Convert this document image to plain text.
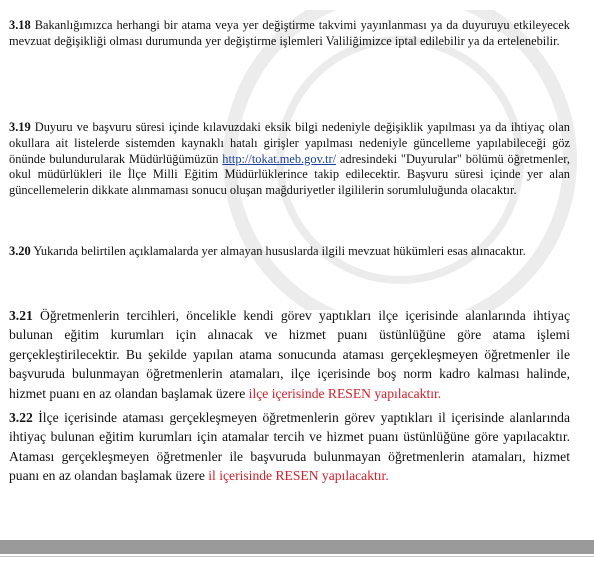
3.18 Bakanlığımızca herhangi bir atama veya yer değiştirme takvimi yayınlanması ya da duyuruyu etkileyecek mevzuat değişikliği olması durumunda yer değiştirme işlemleri Valiliğimizce iptal edilebilir ya da ertelenebilir.

3.19 Duyuru ve başvuru süresi içinde kılavuzdaki eksik bilgi nedeniyle değişiklik yapılması ya da ihtiyaç olan okullara ait listelerde sistemden kaynaklı hatalı girişler yapılması nedeniyle güncelleme yapılabileceği göz önünde bulundurularak Müdürlüğümüzün http://tokat.meb.gov.tr/ adresindeki "Duyurular" bölümü öğretmenler, okul müdürlükleri ile İlçe Milli Eğitim Müdürlüklerince takip edilecektir. Başvuru süresi içinde yer alan güncellemelerin dikkate alınmaması sonucu oluşan mağduriyetler ilgililerin sorumluluğunda olacaktır.

3.20 Yukarıda belirtilen açıklamalarda yer almayan hususlarda ilgili mevzuat hükümleri esas alınacaktır.

3.21 Öğretmenlerin tercihleri, öncelikle kendi görev yaptıkları ilçe içerisinde alanlarında ihtiyaç bulunan eğitim kurumları için alınacak ve hizmet puanı üstünlüğüne göre atama işlemi gerçekleştirilecektir. Bu şekilde yapılan atama sonucunda ataması gerçekleşmeyen öğretmenler ile başvuruda bulunmayan öğretmenlerin atamaları, ilçe içerisinde boş norm kadro kalması halinde, hizmet puanı en az olandan başlamak üzere ilçe içerisinde RESEN yapılacaktır.

3.22 İlçe içerisinde ataması gerçekleşmeyen öğretmenlerin görev yaptıkları il içerisinde alanlarında ihtiyaç bulunan eğitim kurumları için atamalar tercih ve hizmet puanı üstünlüğüne göre yapılacaktır. Ataması gerçekleşmeyen öğretmenler ile başvuruda bulunmayan öğretmenlerin atamaları, hizmet puanı en az olandan başlamak üzere il içerisinde RESEN yapılacaktır.
